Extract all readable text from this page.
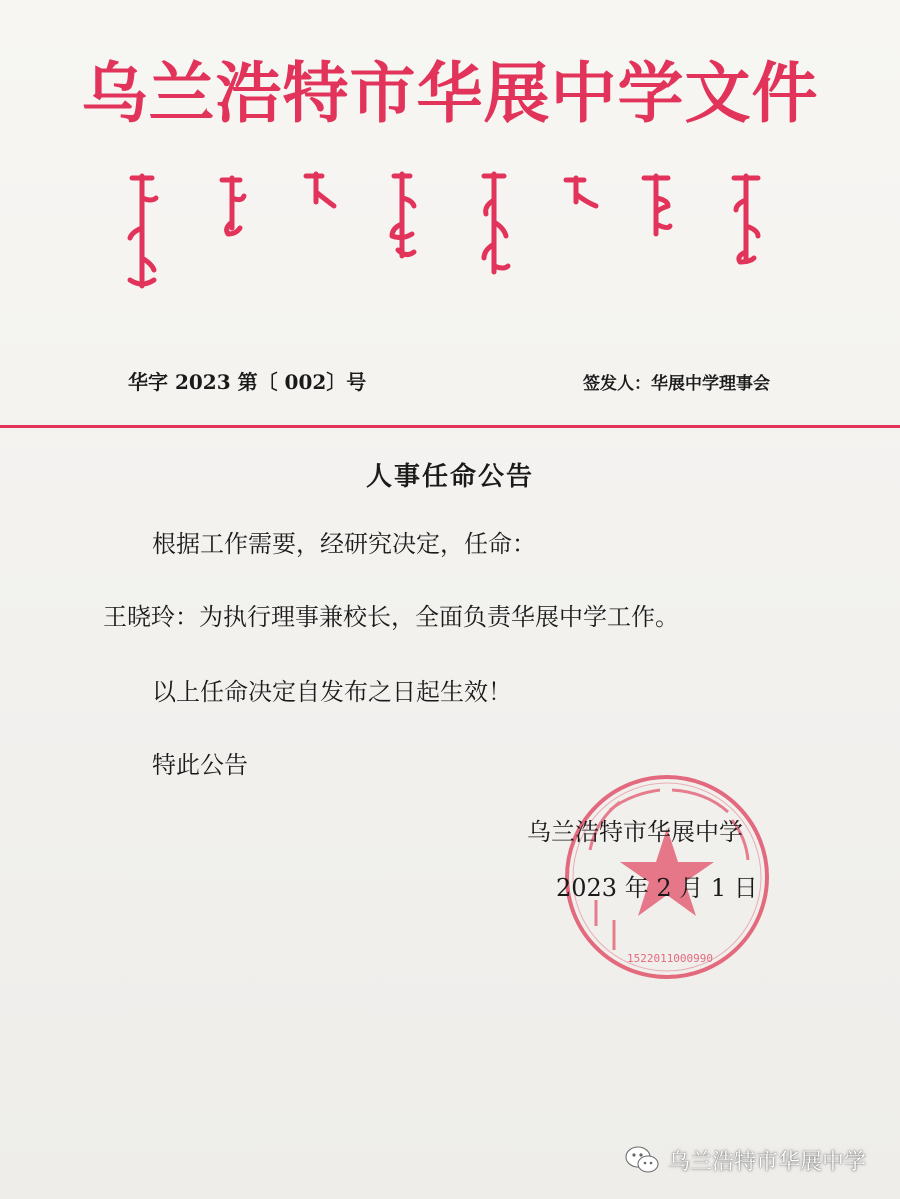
乌兰浩特市华展中学文件
华字 2023 第〔 002〕号	签发人：华展中学理事会
人事任命公告
根据工作需要，经研究决定，任命：
王晓玲：为执行理事兼校长，全面负责华展中学工作。
以上任命决定自发布之日起生效！
特此公告
1522011000990
乌兰浩特市华展中学
2023 年 2 月 1 日
乌兰浩特市华展中学
